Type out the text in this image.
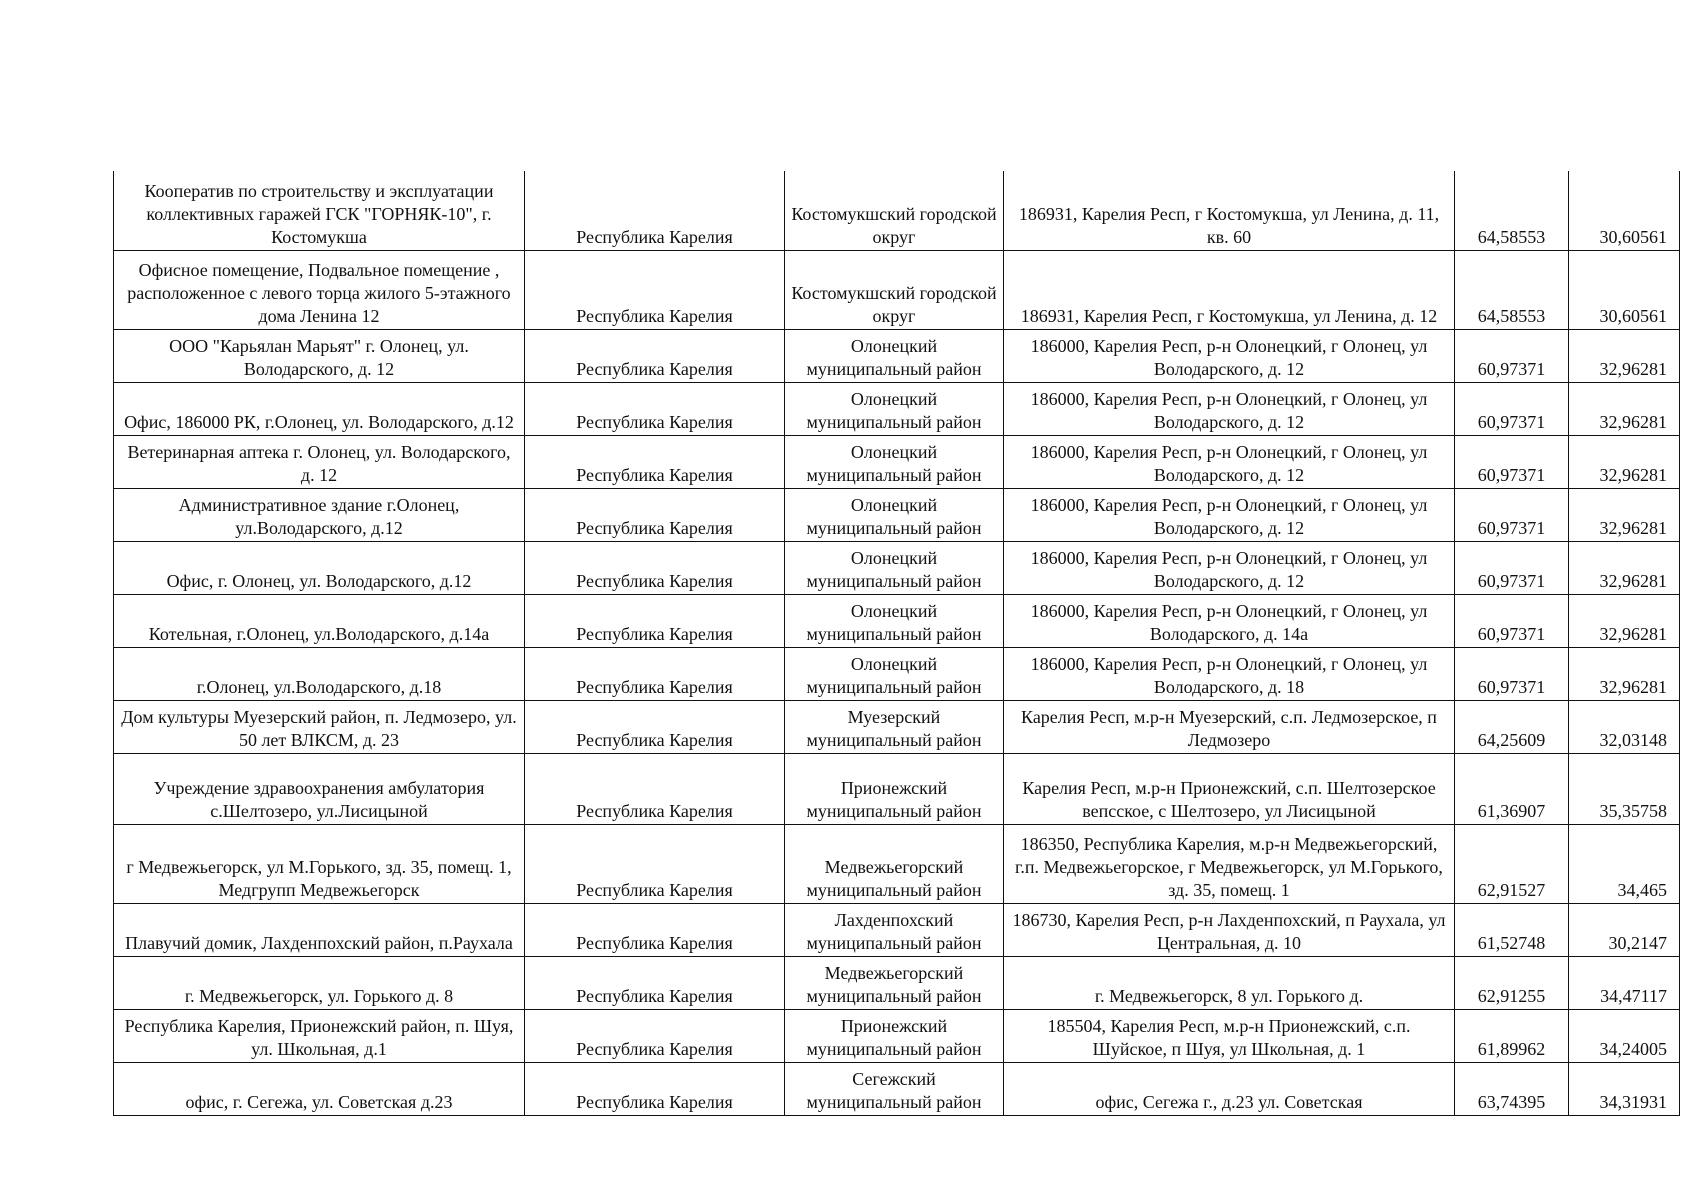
Кооператив по строительству и эксплуатации коллективных гаражей ГСК "ГОРНЯК-10", г. Костомукша	Республика Карелия	Костомукшский городской округ	186931, Карелия Респ, г Костомукша, ул Ленина, д. 11, кв. 60	64,58553	30,60561
Офисное помещение, Подвальное помещение , расположенное с левого торца жилого 5-этажного дома Ленина 12	Республика Карелия	Костомукшский городской округ	186931, Карелия Респ, г Костомукша, ул Ленина, д. 12	64,58553	30,60561
ООО "Карьялан Марьят" г. Олонец, ул. Володарского, д. 12	Республика Карелия	Олонецкий муниципальный район	186000, Карелия Респ, р-н Олонецкий, г Олонец, ул Володарского, д. 12	60,97371	32,96281
Офис, 186000 РК, г.Олонец, ул. Володарского, д.12	Республика Карелия	Олонецкий муниципальный район	186000, Карелия Респ, р-н Олонецкий, г Олонец, ул Володарского, д. 12	60,97371	32,96281
Ветеринарная аптека г. Олонец, ул. Володарского, д. 12	Республика Карелия	Олонецкий муниципальный район	186000, Карелия Респ, р-н Олонецкий, г Олонец, ул Володарского, д. 12	60,97371	32,96281
Административное здание г.Олонец, ул.Володарского, д.12	Республика Карелия	Олонецкий муниципальный район	186000, Карелия Респ, р-н Олонецкий, г Олонец, ул Володарского, д. 12	60,97371	32,96281
Офис, г. Олонец, ул. Володарского, д.12	Республика Карелия	Олонецкий муниципальный район	186000, Карелия Респ, р-н Олонецкий, г Олонец, ул Володарского, д. 12	60,97371	32,96281
Котельная, г.Олонец, ул.Володарского, д.14а	Республика Карелия	Олонецкий муниципальный район	186000, Карелия Респ, р-н Олонецкий, г Олонец, ул Володарского, д. 14а	60,97371	32,96281
г.Олонец, ул.Володарского, д.18	Республика Карелия	Олонецкий муниципальный район	186000, Карелия Респ, р-н Олонецкий, г Олонец, ул Володарского, д. 18	60,97371	32,96281
Дом культуры Муезерский район, п. Ледмозеро, ул. 50 лет ВЛКСМ, д. 23	Республика Карелия	Муезерский муниципальный район	Карелия Респ, м.р-н Муезерский, с.п. Ледмозерское, п Ледмозеро	64,25609	32,03148
Учреждение здравоохранения амбулатория с.Шелтозеро, ул.Лисицыной	Республика Карелия	Прионежский муниципальный район	Карелия Респ, м.р-н Прионежский, с.п. Шелтозерское вепсское, с Шелтозеро, ул Лисицыной	61,36907	35,35758
г Медвежьегорск, ул М.Горького, зд. 35, помещ. 1, Медгрупп Медвежьегорск	Республика Карелия	Медвежьегорский муниципальный район	186350, Республика Карелия, м.р-н Медвежьегорский, г.п. Медвежьегорское, г Медвежьегорск, ул М.Горького, зд. 35, помещ. 1	62,91527	34,465
Плавучий домик, Лахденпохский район, п.Раухала	Республика Карелия	Лахденпохский муниципальный район	186730, Карелия Респ, р-н Лахденпохский, п Раухала, ул Центральная, д. 10	61,52748	30,2147
г. Медвежьегорск, ул. Горького д. 8	Республика Карелия	Медвежьегорский муниципальный район	г. Медвежьегорск, 8 ул. Горького д.	62,91255	34,47117
Республика Карелия, Прионежский район, п. Шуя, ул. Школьная, д.1	Республика Карелия	Прионежский муниципальный район	185504, Карелия Респ, м.р-н Прионежский, с.п. Шуйское, п Шуя, ул Школьная, д. 1	61,89962	34,24005
офис, г. Сегежа, ул. Советская д.23	Республика Карелия	Сегежский муниципальный район	офис, Сегежа г., д.23 ул. Советская	63,74395	34,31931
